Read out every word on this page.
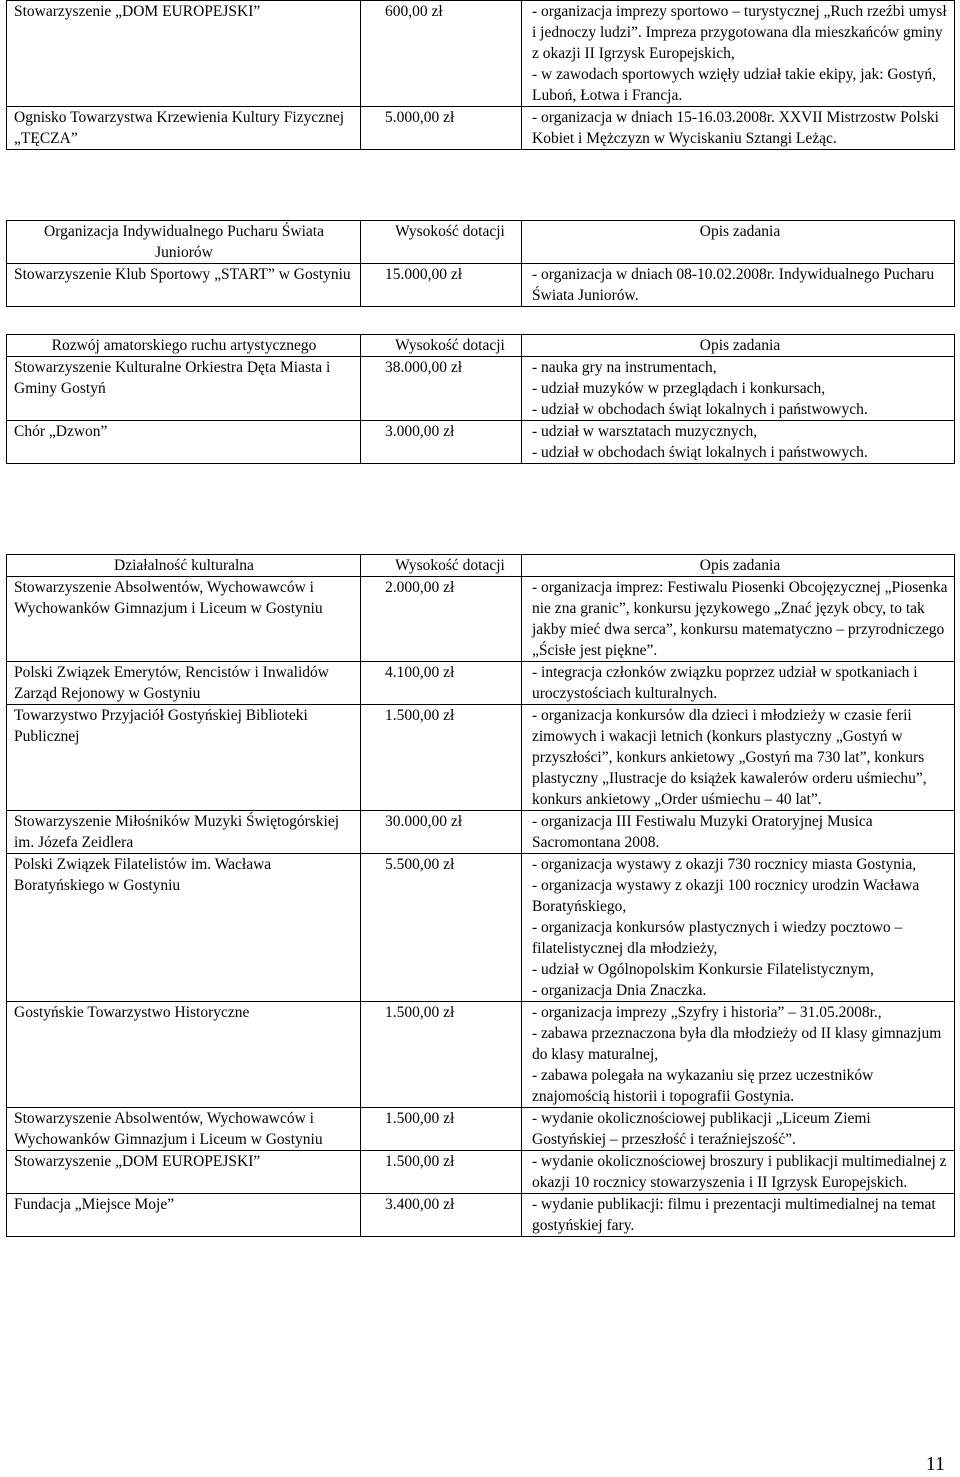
Stowarzyszenie „DOM EUROPEJSKI”	600,00 zł	- organizacja imprezy sportowo – turystycznej „Ruch rzeźbi umysł i jednoczy ludzi”. Impreza przygotowana dla mieszkańców gminy z okazji II Igrzysk Europejskich,
- w zawodach sportowych wzięły udział takie ekipy, jak: Gostyń, Luboń, Łotwa i Francja.

Ognisko Towarzystwa Krzewienia Kultury Fizycznej „TĘCZA”	5.000,00 zł	- organizacja w dniach 15-16.03.2008r. XXVII Mistrzostw Polski Kobiet i Mężczyzn w Wyciskaniu Sztangi Leżąc.
Organizacja Indywidualnego Pucharu Świata Juniorów	Wysokość dotacji	Opis zadania
Stowarzyszenie Klub Sportowy „START” w Gostyniu	15.000,00 zł	- organizacja w dniach 08-10.02.2008r. Indywidualnego Pucharu Świata Juniorów.
Rozwój amatorskiego ruchu artystycznego	Wysokość dotacji	Opis zadania
Stowarzyszenie Kulturalne Orkiestra Dęta Miasta i Gminy Gostyń	38.000,00 zł	- nauka gry na instrumentach,
- udział muzyków w przeglądach i konkursach,
- udział w obchodach świąt lokalnych i państwowych.

Chór „Dzwon”	3.000,00 zł	- udział w warsztatach muzycznych,
- udział w obchodach świąt lokalnych i państwowych.
Działalność kulturalna	Wysokość dotacji	Opis zadania
Stowarzyszenie Absolwentów, Wychowawców i Wychowanków Gimnazjum i Liceum w Gostyniu	2.000,00 zł	- organizacja imprez: Festiwalu Piosenki Obcojęzycznej „Piosenka nie zna granic”, konkursu językowego „Znać język obcy, to tak jakby mieć dwa serca”, konkursu matematyczno – przyrodniczego „Ścisłe jest piękne”.

Polski Związek Emerytów, Rencistów i Inwalidów Zarząd Rejonowy w Gostyniu	4.100,00 zł	- integracja członków związku poprzez udział w spotkaniach i uroczystościach kulturalnych.

Towarzystwo Przyjaciół Gostyńskiej Biblioteki Publicznej	1.500,00 zł	- organizacja konkursów dla dzieci i młodzieży w czasie ferii zimowych i wakacji letnich (konkurs plastyczny „Gostyń w przyszłości”, konkurs ankietowy „Gostyń ma 730 lat”, konkurs plastyczny „Ilustracje do książek kawalerów orderu uśmiechu”, konkurs ankietowy „Order uśmiechu – 40 lat”.

Stowarzyszenie Miłośników Muzyki Świętogórskiej im. Józefa Zeidlera	30.000,00 zł	- organizacja III Festiwalu Muzyki Oratoryjnej Musica Sacromontana 2008.

Polski Związek Filatelistów im. Wacława Boratyńskiego w Gostyniu	5.500,00 zł	- organizacja wystawy z okazji 730 rocznicy miasta Gostynia,
- organizacja wystawy z okazji 100 rocznicy urodzin Wacława Boratyńskiego,
- organizacja konkursów plastycznych i wiedzy pocztowo – filatelistycznej dla młodzieży,
- udział w Ogólnopolskim Konkursie Filatelistycznym,
- organizacja Dnia Znaczka.

Gostyńskie Towarzystwo Historyczne	1.500,00 zł	- organizacja imprezy „Szyfry i historia” – 31.05.2008r.,
- zabawa przeznaczona była dla młodzieży od II klasy gimnazjum do klasy maturalnej,
- zabawa polegała na wykazaniu się przez uczestników znajomością historii i topografii Gostynia.

Stowarzyszenie Absolwentów, Wychowawców i Wychowanków Gimnazjum i Liceum w Gostyniu	1.500,00 zł	- wydanie okolicznościowej publikacji „Liceum Ziemi Gostyńskiej – przeszłość i teraźniejszość”.

Stowarzyszenie „DOM EUROPEJSKI”	1.500,00 zł	- wydanie okolicznościowej broszury i publikacji multimedialnej z okazji 10 rocznicy stowarzyszenia i II Igrzysk Europejskich.

Fundacja „Miejsce Moje”	3.400,00 zł	- wydanie publikacji: filmu i prezentacji multimedialnej na temat gostyńskiej fary.
11
